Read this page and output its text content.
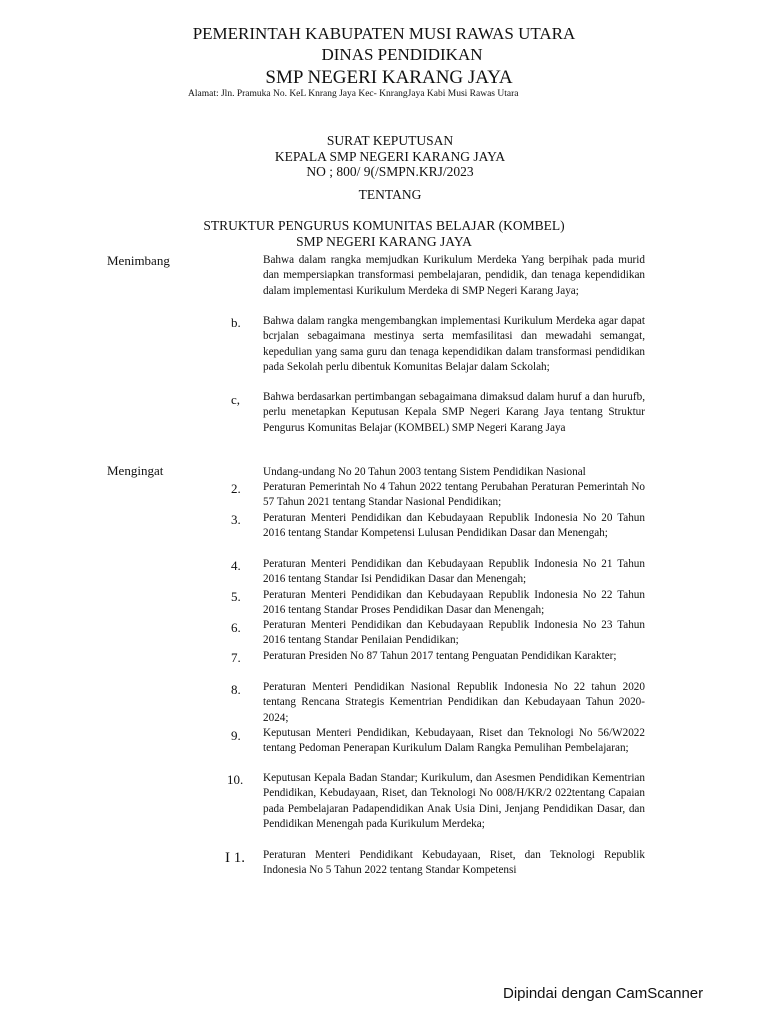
PEMERINTAH KABUPATEN MUSI RAWAS UTARA
DINAS PENDIDIKAN
SMP NEGERI KARANG JAYA
Alamat: Jln. Pramuka No. KeL Knrang Jaya Kec- KnrangJaya Kabi Musi Rawas Utara
SURAT KEPUTUSAN
KEPALA SMP NEGERI KARANG JAYA
NO ; 800/ 9(/SMPN.KRJ/2023
TENTANG
STRUKTUR PENGURUS KOMUNITAS BELAJAR (KOMBEL)
SMP NEGERI KARANG JAYA
Menimbang	Bahwa dalam rangka memjudkan Kurikulum Merdeka Yang berpihak pada murid dan mempersiapkan transformasi pembelajaran, pendidik, dan tenaga kependidikan dalam implementasi Kurikulum Merdeka di SMP Negeri Karang Jaya;

b. Bahwa dalam rangka mengembangkan implementasi Kurikulum Merdeka agar dapat bcrjalan sebagaimana mestinya serta memfasilitasi dan mewadahi semangat, kepedulian yang sama guru dan tenaga kependidikan dalam transformasi pendidikan pada Sekolah perlu dibentuk Komunitas Belajar dalam Sckolah;

c, Bahwa berdasarkan pertimbangan sebagaimana dimaksud dalam huruf a dan hurufb, perlu menetapkan Keputusan Kepala SMP Negeri Karang Jaya tentang Struktur Pengurus Komunitas Belajar (KOMBEL) SMP Negeri Karang Jaya

Mengingat	Undang-undang No 20 Tahun 2003 tentang Sistem Pendidikan Nasional

2. Peraturan Pemerintah No 4 Tahun 2022 tentang Perubahan Peraturan Pemerintah No 57 Tahun 2021 tentang Standar Nasional Pendidikan;

3. Peraturan Menteri Pendidikan dan Kebudayaan Republik Indonesia No 20 Tahun 2016 tentang Standar Kompetensi Lulusan Pendidikan Dasar dan Menengah;

4. Peraturan Menteri Pendidikan dan Kebudayaan Republik Indonesia No 21 Tahun 2016 tentang Standar Isi Pendidikan Dasar dan Menengah;

5. Peraturan Menteri Pendidikan dan Kebudayaan Republik Indonesia No 22 Tahun 2016 tentang Standar Proses Pendidikan Dasar dan Menengah;

6. Peraturan Menteri Pendidikan dan Kebudayaan Republik Indonesia No 23 Tahun 2016 tentang Standar Penilaian Pendidikan;

7. Peraturan Presiden No 87 Tahun 2017 tentang Penguatan Pendidikan Karakter;

8. Peraturan Menteri Pendidikan Nasional Republik Indonesia No 22 tahun 2020 tentang Rencana Strategis Kementrian Pendidikan dan Kebudayaan Tahun 2020-2024;

9. Keputusan Menteri Pendidikan, Kebudayaan, Riset dan Teknologi No 56/W2022 tentang Pedoman Penerapan Kurikulum Dalam Rangka Pemulihan Pembelajaran;

10. Keputusan Kepala Badan Standar; Kurikulum, dan Asesmen Pendidikan Kementrian Pendidikan, Kebudayaan, Riset, dan Teknologi No 008/H/KR/2 022tentang Capaian pada Pembelajaran Padapendidikan Anak Usia Dini, Jenjang Pendidikan Dasar, dan Pendidikan Menengah pada Kurikulum Merdeka;

I 1. Peraturan Menteri Pendidikant Kebudayaan, Riset, dan Teknologi Republik Indonesia No 5 Tahun 2022 tentang Standar Kompetensi

Dipindai dengan CamScanner
